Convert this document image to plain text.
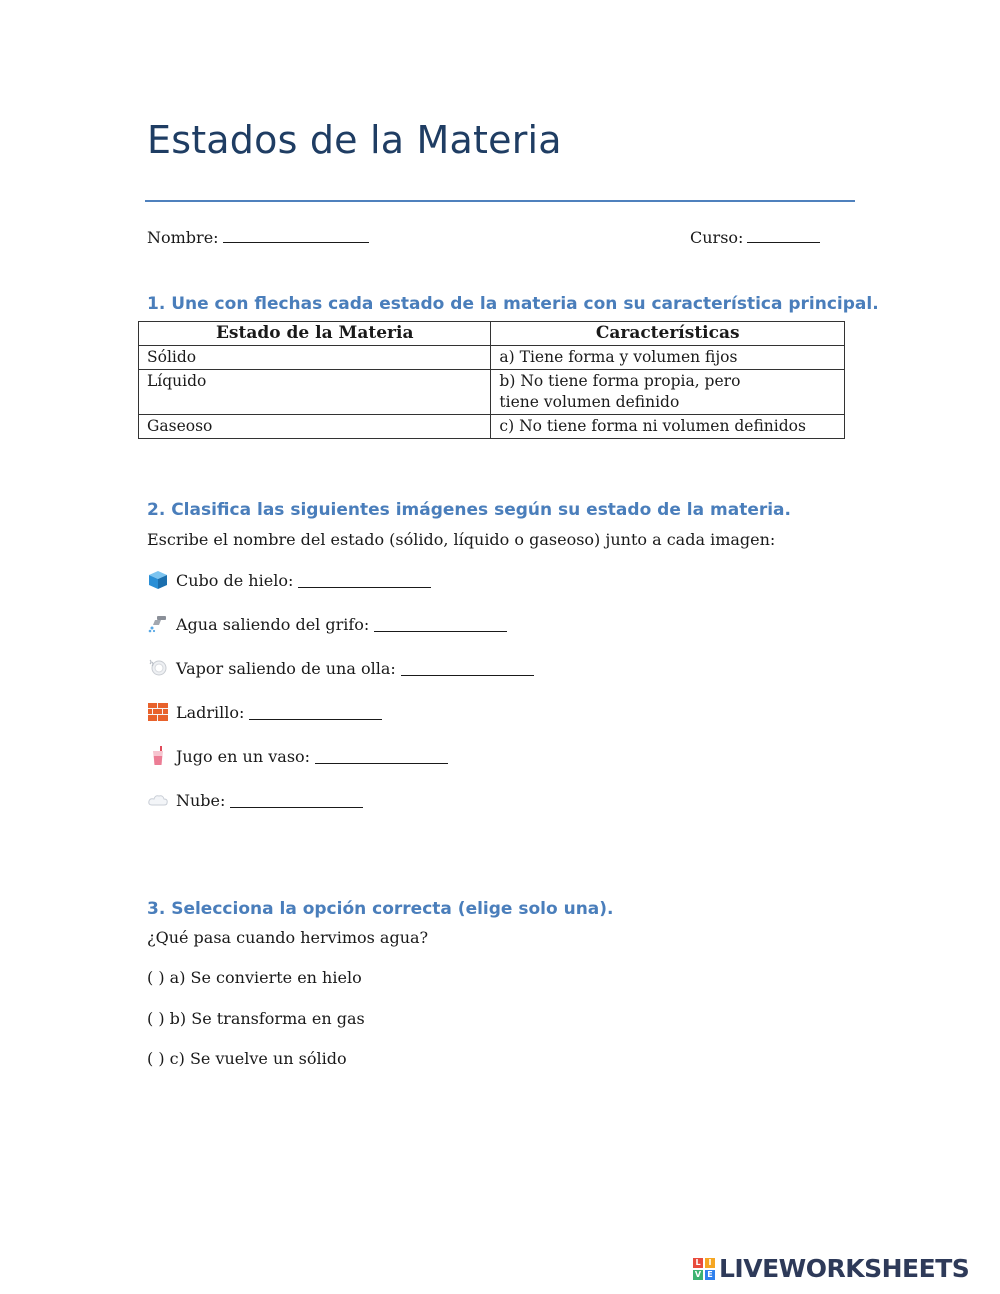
Estados de la Materia
Nombre:	Curso:
1. Une con flechas cada estado de la materia con su característica principal.
Estado de la Materia	Características
Sólido	a) Tiene forma y volumen fijos
Líquido	b) No tiene forma propia, pero tiene volumen definido
Gaseoso	c) No tiene forma ni volumen definidos
2. Clasifica las siguientes imágenes según su estado de la materia.
Escribe el nombre del estado (sólido, líquido o gaseoso) junto a cada imagen:
Cubo de hielo:
Agua saliendo del grifo:
Vapor saliendo de una olla:
Ladrillo:
Jugo en un vaso:
Nube:
3. Selecciona la opción correcta (elige solo una).
¿Qué pasa cuando hervimos agua?
( ) a) Se convierte en hielo
( ) b) Se transforma en gas
( ) c) Se vuelve un sólido
L I
V E LIVEWORKSHEETS
